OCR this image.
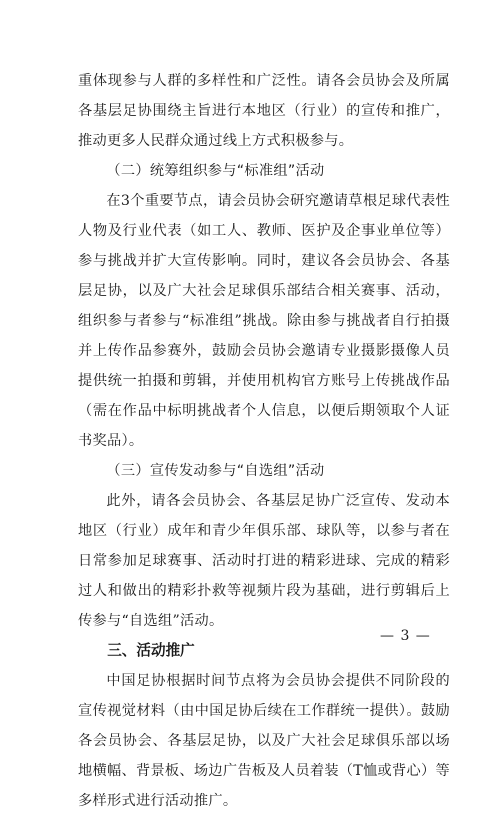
重体现参与人群的多样性和广泛性。请各会员协会及所属各基层足协围绕主旨进行本地区（行业）的宣传和推广，推动更多人民群众通过线上方式积极参与。

（二）统筹组织参与“标准组”活动

在3个重要节点，请会员协会研究邀请草根足球代表性人物及行业代表（如工人、教师、医护及企事业单位等）参与挑战并扩大宣传影响。同时，建议各会员协会、各基层足协，以及广大社会足球俱乐部结合相关赛事、活动，组织参与者参与“标准组”挑战。除由参与挑战者自行拍摄并上传作品参赛外，鼓励会员协会邀请专业摄影摄像人员提供统一拍摄和剪辑，并使用机构官方账号上传挑战作品（需在作品中标明挑战者个人信息，以便后期领取个人证书奖品）。

（三）宣传发动参与“自选组”活动

此外，请各会员协会、各基层足协广泛宣传、发动本地区（行业）成年和青少年俱乐部、球队等，以参与者在日常参加足球赛事、活动时打进的精彩进球、完成的精彩过人和做出的精彩扑救等视频片段为基础，进行剪辑后上传参与“自选组”活动。

三、活动推广

中国足协根据时间节点将为会员协会提供不同阶段的宣传视觉材料（由中国足协后续在工作群统一提供）。鼓励各会员协会、各基层足协，以及广大社会足球俱乐部以场地横幅、背景板、场边广告板及人员着装（T恤或背心）等多样形式进行活动推广。

— 3 —
